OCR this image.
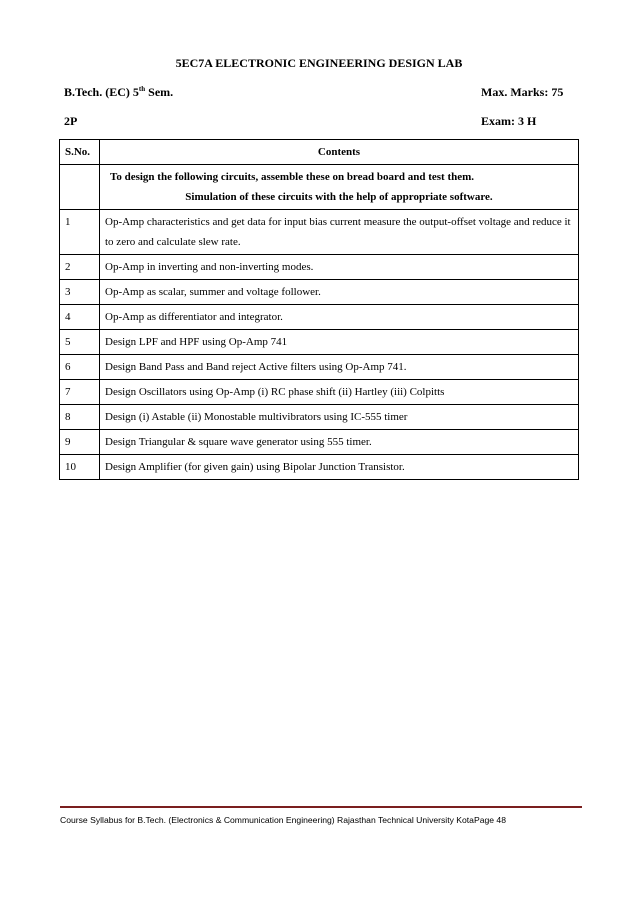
5EC7A ELECTRONIC ENGINEERING DESIGN LAB
B.Tech. (EC) 5th Sem.	Max. Marks: 75
2P	Exam: 3 H
S.No.	Contents

	To design the following circuits, assemble these on bread board and test them.
Simulation of these circuits with the help of appropriate software.

1	Op-Amp characteristics and get data for input bias current measure the output-offset voltage and reduce it to zero and calculate slew rate.
2	Op-Amp in inverting and non-inverting modes.
3	Op-Amp as scalar, summer and voltage follower.
4	Op-Amp as differentiator and integrator.
5	Design LPF and HPF using Op-Amp 741
6	Design Band Pass and Band reject Active filters using Op-Amp 741.
7	Design Oscillators using Op-Amp (i) RC phase shift (ii) Hartley (iii) Colpitts
8	Design (i) Astable (ii) Monostable multivibrators using IC-555 timer
9	Design Triangular & square wave generator using 555 timer.
10	Design Amplifier (for given gain) using Bipolar Junction Transistor.
Course Syllabus for B.Tech. (Electronics & Communication Engineering) Rajasthan Technical University KotaPage 48
